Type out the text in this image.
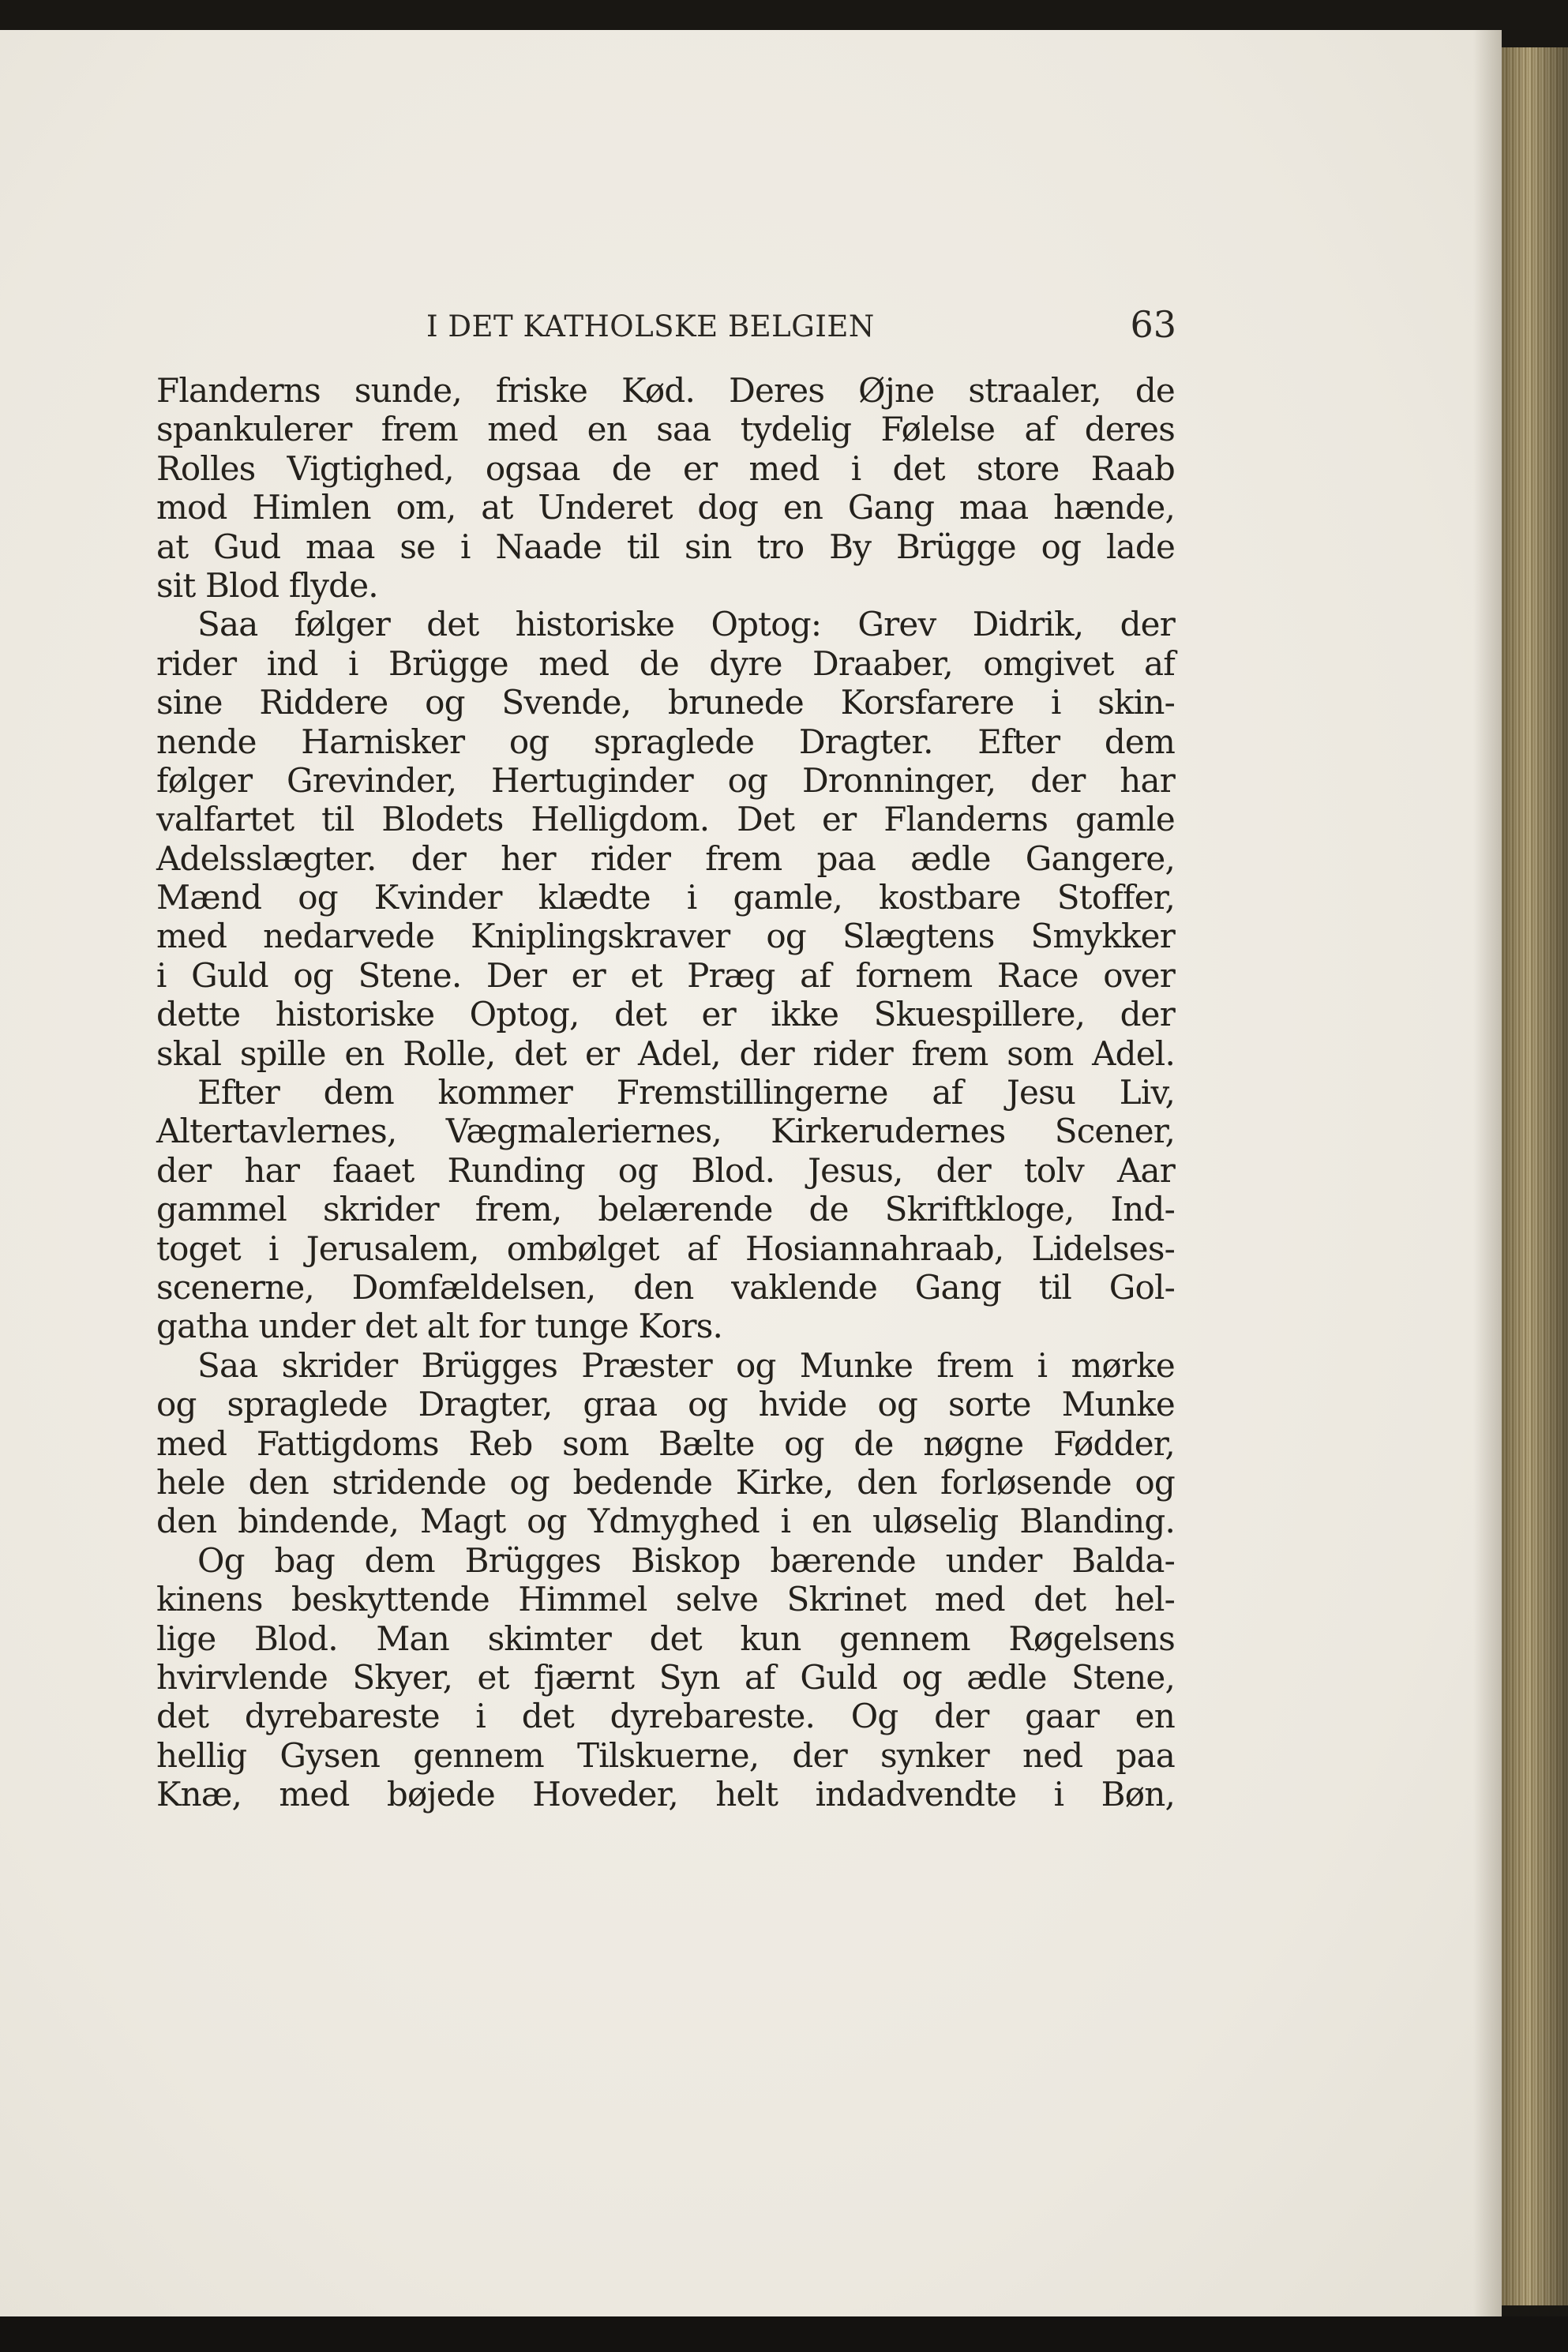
I DET KATHOLSKE BELGIEN	63
Flanderns sunde, friske Kød. Deres Øjne straaler, de
spankulerer frem med en saa tydelig Følelse af deres
Rolles Vigtighed, ogsaa de er med i det store Raab
mod Himlen om, at Underet dog en Gang maa hænde,
at Gud maa se i Naade til sin tro By Brügge og lade
sit Blod flyde.
Saa følger det historiske Optog: Grev Didrik, der
rider ind i Brügge med de dyre Draaber, omgivet af
sine Riddere og Svende, brunede Korsfarere i skin-
nende Harnisker og spraglede Dragter. Efter dem
følger Grevinder, Hertuginder og Dronninger, der har
valfartet til Blodets Helligdom. Det er Flanderns gamle
Adelsslægter. der her rider frem paa ædle Gangere,
Mænd og Kvinder klædte i gamle, kostbare Stoffer,
med nedarvede Kniplingskraver og Slægtens Smykker
i Guld og Stene. Der er et Præg af fornem Race over
dette historiske Optog, det er ikke Skuespillere, der
skal spille en Rolle, det er Adel, der rider frem som Adel.
Efter dem kommer Fremstillingerne af Jesu Liv,
Altertavlernes, Vægmaleriernes, Kirkerudernes Scener,
der har faaet Runding og Blod. Jesus, der tolv Aar
gammel skrider frem, belærende de Skriftkloge, Ind-
toget i Jerusalem, ombølget af Hosiannahraab, Lidelses-
scenerne, Domfældelsen, den vaklende Gang til Gol-
gatha under det alt for tunge Kors.
Saa skrider Brügges Præster og Munke frem i mørke
og spraglede Dragter, graa og hvide og sorte Munke
med Fattigdoms Reb som Bælte og de nøgne Fødder,
hele den stridende og bedende Kirke, den forløsende og
den bindende, Magt og Ydmyghed i en uløselig Blanding.
Og bag dem Brügges Biskop bærende under Balda-
kinens beskyttende Himmel selve Skrinet med det hel-
lige Blod. Man skimter det kun gennem Røgelsens
hvirvlende Skyer, et fjærnt Syn af Guld og ædle Stene,
det dyrebareste i det dyrebareste. Og der gaar en
hellig Gysen gennem Tilskuerne, der synker ned paa
Knæ, med bøjede Hoveder, helt indadvendte i Bøn,
